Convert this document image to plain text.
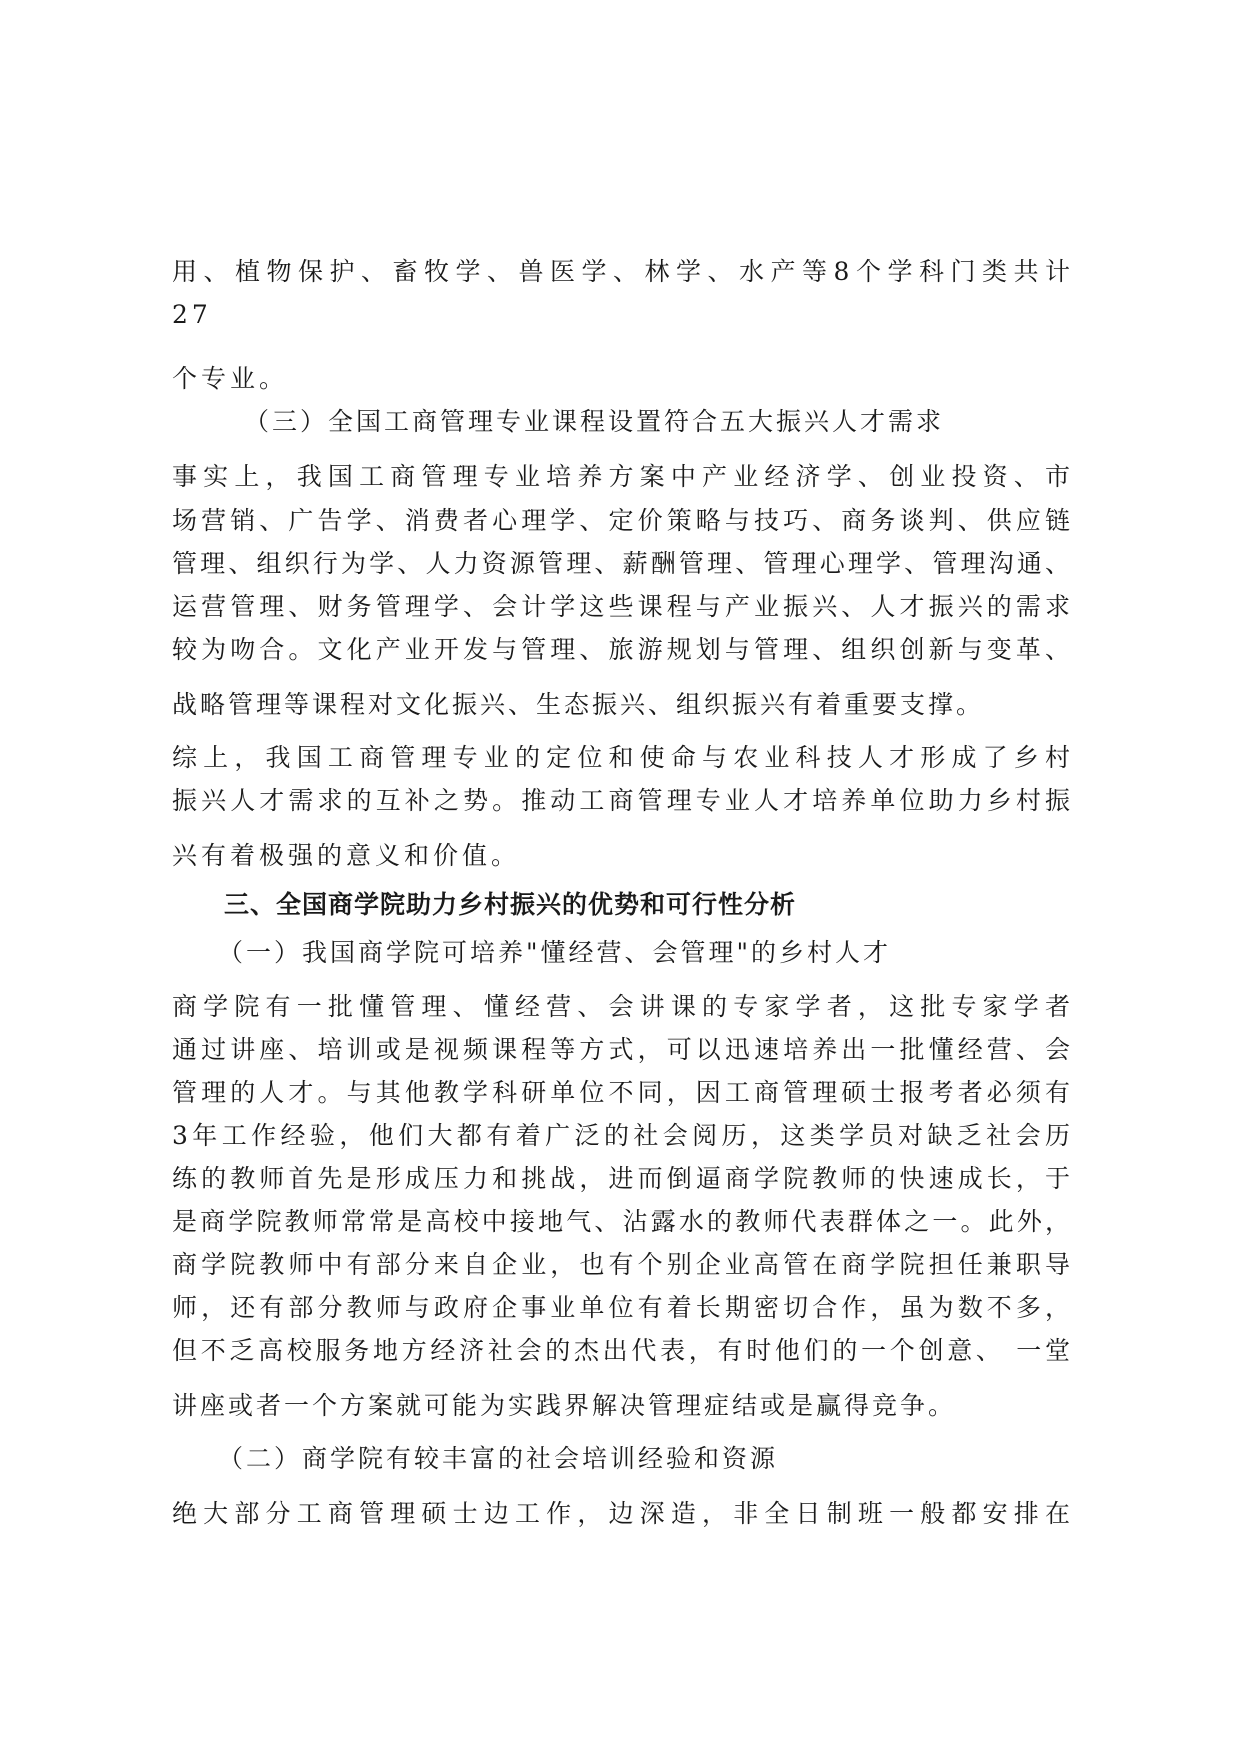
用、植物保护、畜牧学、兽医学、林学、水产等8个学科门类共计
27
个专业。
（三）全国工商管理专业课程设置符合五大振兴人才需求
事实上，我国工商管理专业培养方案中产业经济学、创业投资、市
场营销、广告学、消费者心理学、定价策略与技巧、商务谈判、供应链
管理、组织行为学、人力资源管理、薪酬管理、管理心理学、管理沟通、
运营管理、财务管理学、会计学这些课程与产业振兴、人才振兴的需求
较为吻合。文化产业开发与管理、旅游规划与管理、组织创新与变革、
战略管理等课程对文化振兴、生态振兴、组织振兴有着重要支撑。
综上，我国工商管理专业的定位和使命与农业科技人才形成了乡村
振兴人才需求的互补之势。推动工商管理专业人才培养单位助力乡村振
兴有着极强的意义和价值。
三、全国商学院助力乡村振兴的优势和可行性分析
（一）我国商学院可培养"懂经营、会管理"的乡村人才
商学院有一批懂管理、懂经营、会讲课的专家学者，这批专家学者
通过讲座、培训或是视频课程等方式，可以迅速培养出一批懂经营、会
管理的人才。与其他教学科研单位不同，因工商管理硕士报考者必须有
3年工作经验，他们大都有着广泛的社会阅历，这类学员对缺乏社会历
练的教师首先是形成压力和挑战，进而倒逼商学院教师的快速成长，于
是商学院教师常常是高校中接地气、沾露水的教师代表群体之一。此外，
商学院教师中有部分来自企业，也有个别企业高管在商学院担任兼职导
师，还有部分教师与政府企事业单位有着长期密切合作，虽为数不多，
但不乏高校服务地方经济社会的杰出代表，有时他们的一个创意、 一堂
讲座或者一个方案就可能为实践界解决管理症结或是赢得竞争。
（二）商学院有较丰富的社会培训经验和资源
绝大部分工商管理硕士边工作，边深造，非全日制班一般都安排在
